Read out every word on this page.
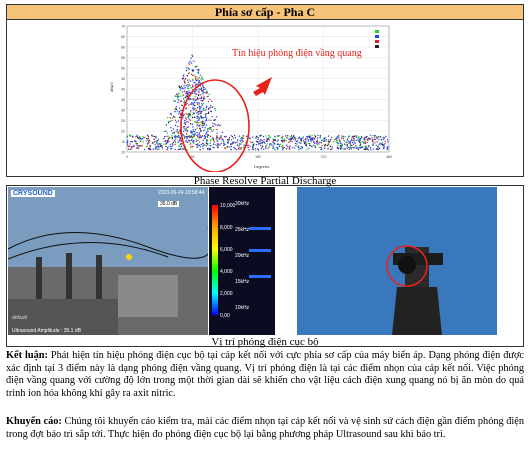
Phía sơ cấp - Pha C
10
15
20
25
30
35
40
45
50
55
60
65
70
0	90	180	270	360
dBµV
Degrees
Tín hiệu phóng điện vầng quang
Phase Resolve Partial Discharge
CRYSOUND	2023-06-24 10:58:44
35.0 dB
Ultrasound Amplitude : 35.1 dB
default
10,000
8,000
6,000
4,000
2,000
0,00
30kHz
25kHz
20kHz
15kHz
10kHz
Vị trí phóng điện cục bộ

Kết luận: Phát hiện tín hiệu phóng điện cục bộ tại cáp kết nối với cực phía sơ cấp của máy biến áp. Dạng phóng điện được xác định tại 3 điểm này là dạng phóng điện vầng quang. Vị trí phóng điện là tại các điểm nhọn của cáp kết nối. Việc phóng điện vầng quang với cường độ lớn trong một thời gian dài sẽ khiến cho vật liệu cách điện xung quang nó bị ăn mòn do quá trình ion hóa không khí gây ra axit nitric.

Khuyến cáo: Chúng tôi khuyến cáo kiểm tra, mài các điểm nhọn tại cáp kết nối và vệ sinh sứ cách điện gần điểm phóng điện trong đợt bảo trì sắp tới. Thực hiện đo phóng điện cục bộ lại bằng phương pháp Ultrasound sau khi bảo trì.
